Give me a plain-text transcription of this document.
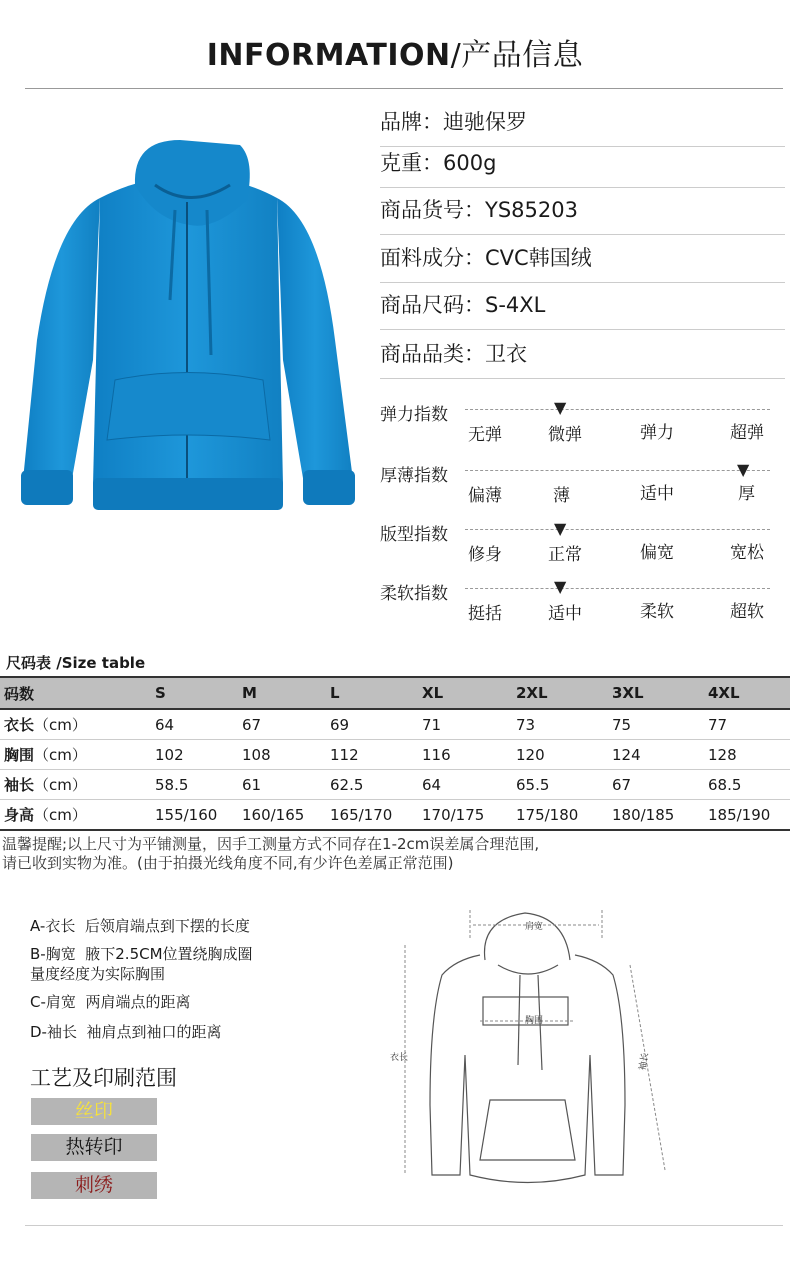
INFORMATION/产品信息
品牌：迪驰保罗
克重：600g
商品货号：YS85203
面料成分：CVC韩国绒
商品尺码：S-4XL
商品品类：卫衣
弹力指数	▼
无弹	微弹	弹力	超弹
厚薄指数	▼
偏薄	薄	适中	厚
版型指数	▼
修身	正常	偏宽	宽松
柔软指数	▼
挺括	适中	柔软	超软
尺码表 /Size table
码数	S	M	L	XL	2XL	3XL	4XL
衣长（cm）	64	67	69	71	73	75	77
胸围（cm）	102	108	112	116	120	124	128
袖长（cm）	58.5	61	62.5	64	65.5	67	68.5
身高（cm）	155/160	160/165	165/170	170/175	175/180	180/185	185/190
温馨提醒;以上尺寸为平铺测量，因手工测量方式不同存在1-2cm误差属合理范围,
请已收到实物为准。(由于拍摄光线角度不同,有少许色差属正常范围)
A-衣长 后领肩端点到下摆的长度
B-胸宽 腋下2.5CM位置绕胸成圈
量度经度为实际胸围
C-肩宽 两肩端点的距离
D-袖长 袖肩点到袖口的距离
工艺及印刷范围
丝印
热转印
刺绣
肩宽
胸围
衣长	袖长
